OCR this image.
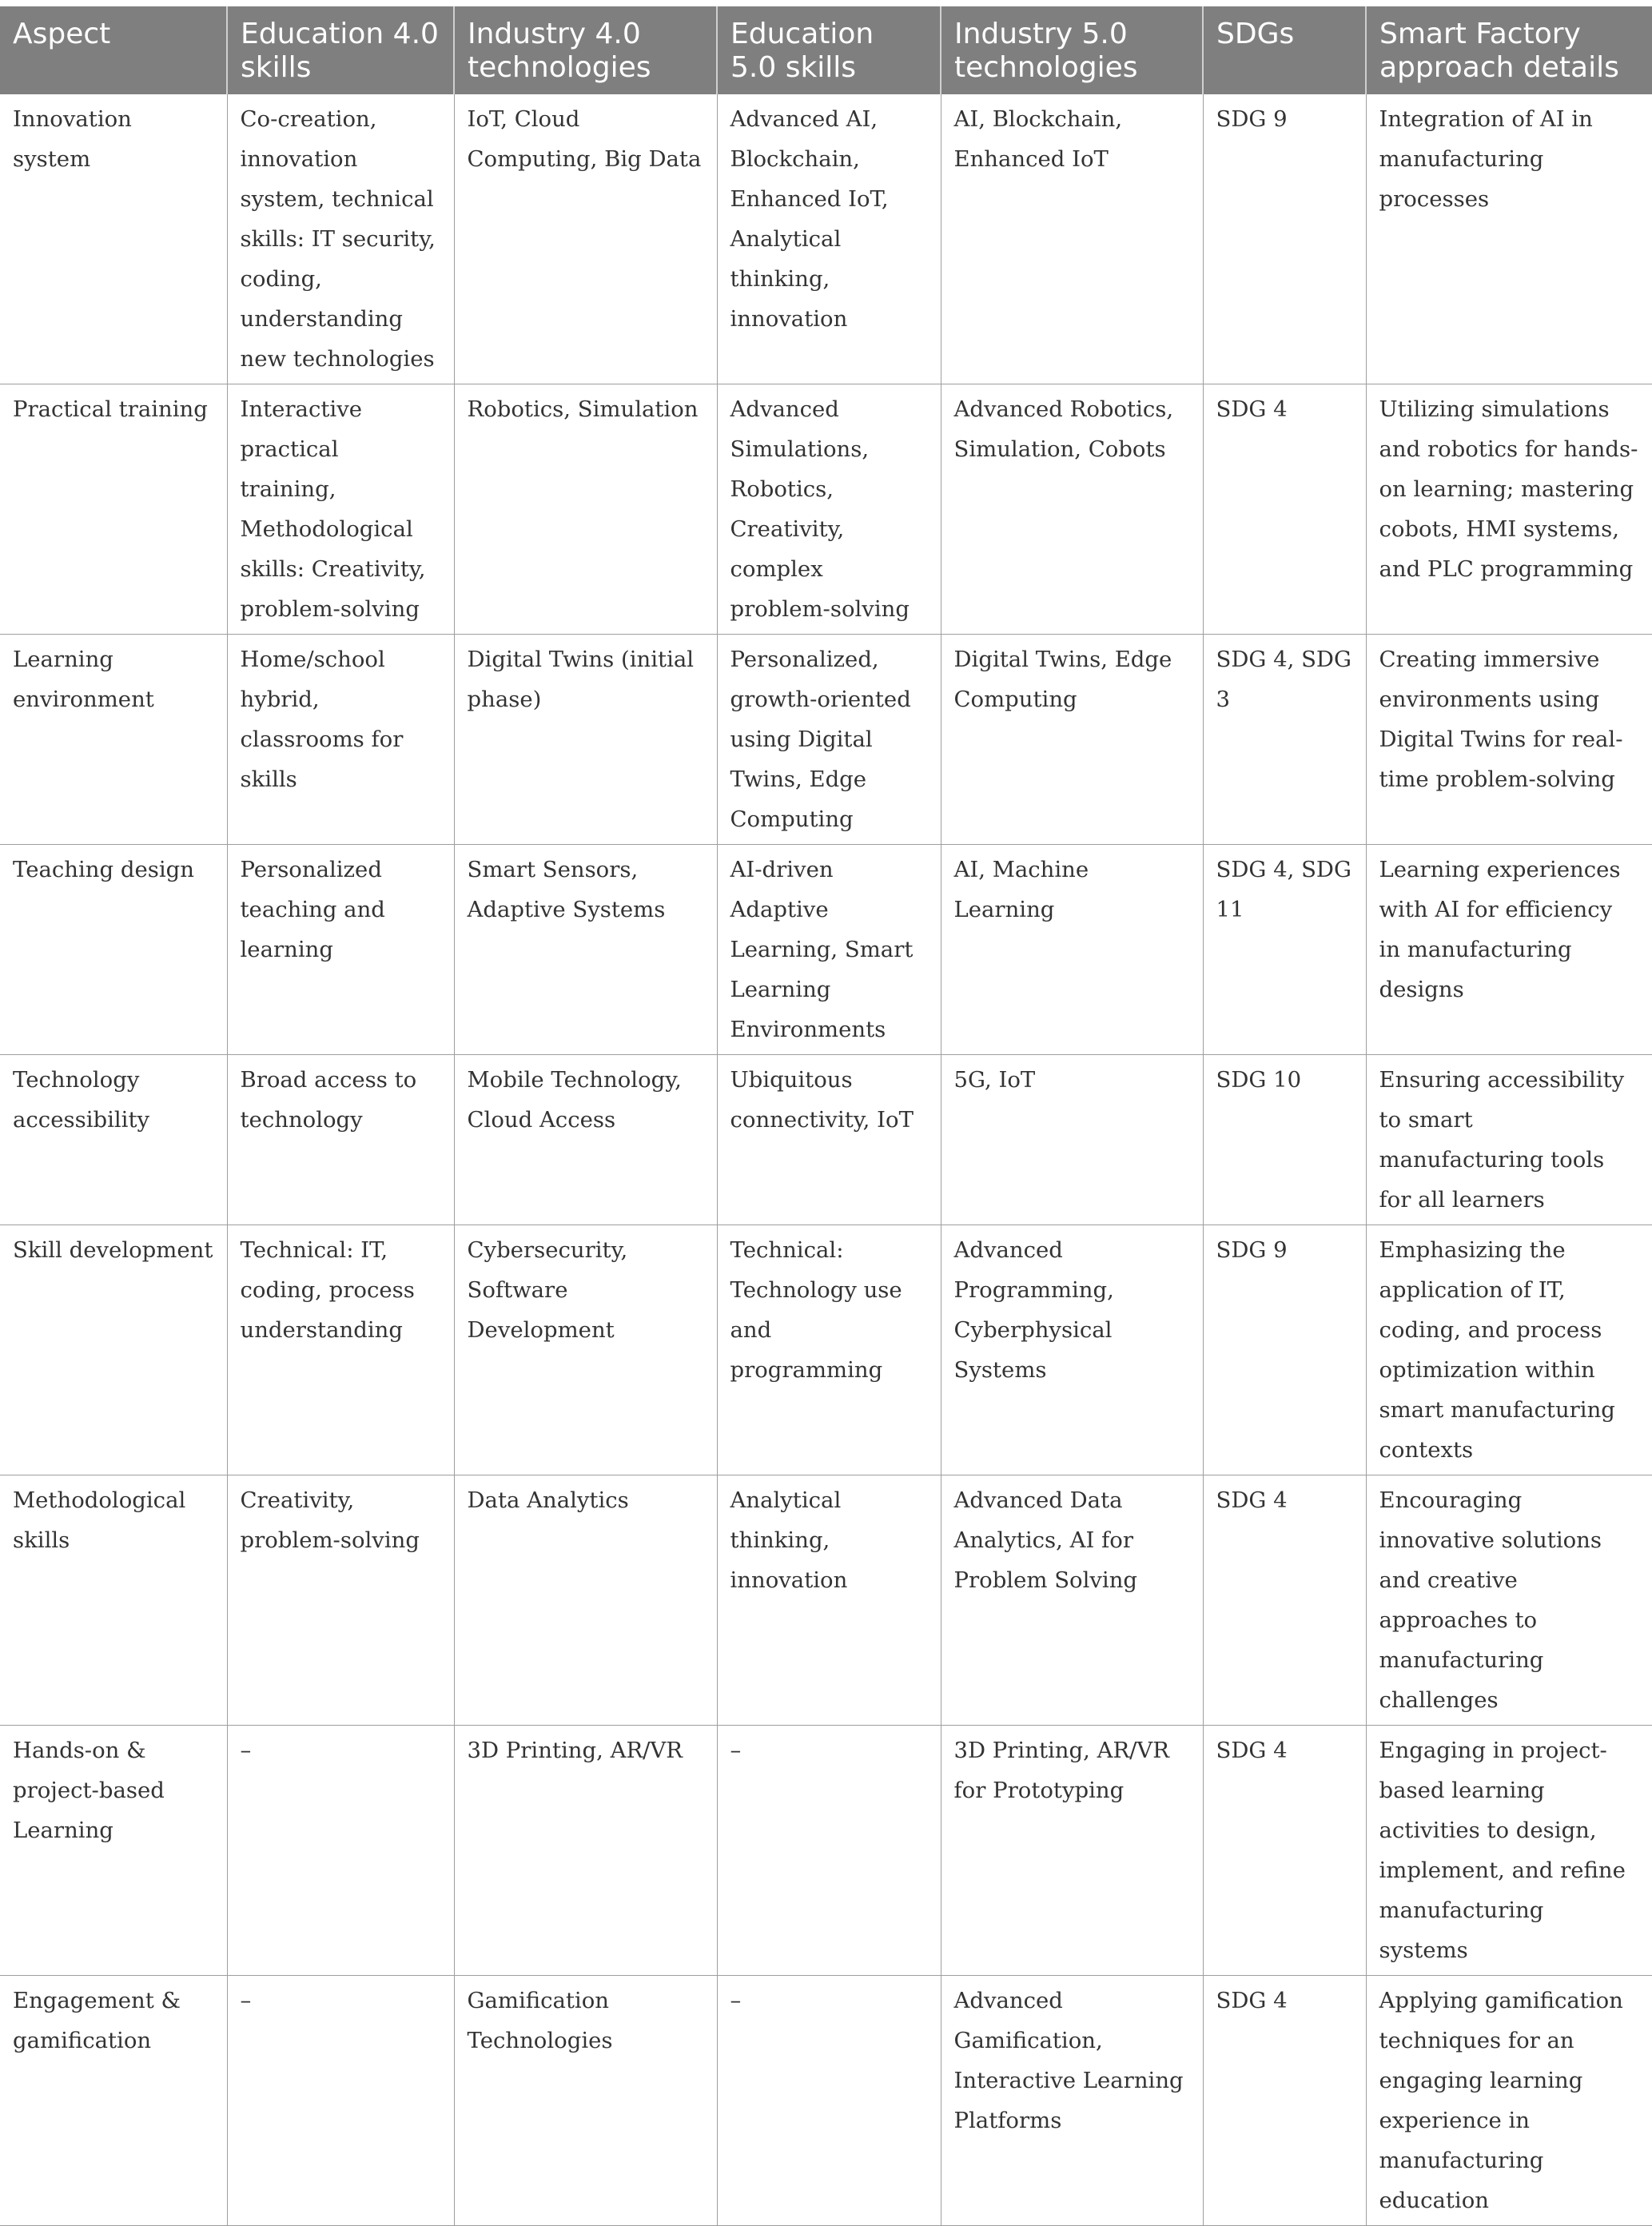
Aspect	Education 4.0 skills	Industry 4.0 technologies	Education 5.0 skills	Industry 5.0 technologies	SDGs	Smart Factory approach details
Innovation system	Co-creation, innovation system, technical skills: IT security, coding, understanding new technologies	IoT, Cloud Computing, Big Data	Advanced AI, Blockchain, Enhanced IoT, Analytical thinking, innovation	AI, Blockchain, Enhanced IoT	SDG 9	Integration of AI in manufacturing processes
Practical training	Interactive practical training, Methodological skills: Creativity, problem-solving	Robotics, Simulation	Advanced Simulations, Robotics, Creativity, complex problem-solving	Advanced Robotics, Simulation, Cobots	SDG 4	Utilizing simulations and robotics for hands-on learning; mastering cobots, HMI systems, and PLC programming
Learning environment	Home/school hybrid, classrooms for skills	Digital Twins (initial phase)	Personalized, growth-oriented using Digital Twins, Edge Computing	Digital Twins, Edge Computing	SDG 4, SDG 3	Creating immersive environments using Digital Twins for real-time problem-solving
Teaching design	Personalized teaching and learning	Smart Sensors, Adaptive Systems	AI-driven Adaptive Learning, Smart Learning Environments	AI, Machine Learning	SDG 4, SDG 11	Learning experiences with AI for efficiency in manufacturing designs
Technology accessibility	Broad access to technology	Mobile Technology, Cloud Access	Ubiquitous connectivity, IoT	5G, IoT	SDG 10	Ensuring accessibility to smart manufacturing tools for all learners
Skill development	Technical: IT, coding, process understanding	Cybersecurity, Software Development	Technical: Technology use and programming	Advanced Programming, Cyberphysical Systems	SDG 9	Emphasizing the application of IT, coding, and process optimization within smart manufacturing contexts
Methodological skills	Creativity, problem-solving	Data Analytics	Analytical thinking, innovation	Advanced Data Analytics, AI for Problem Solving	SDG 4	Encouraging innovative solutions and creative approaches to manufacturing challenges
Hands-on & project-based Learning	–	3D Printing, AR/VR	–	3D Printing, AR/VR for Prototyping	SDG 4	Engaging in project-based learning activities to design, implement, and refine manufacturing systems
Engagement & gamification	–	Gamification Technologies	–	Advanced Gamification, Interactive Learning Platforms	SDG 4	Applying gamification techniques for an engaging learning experience in manufacturing education
